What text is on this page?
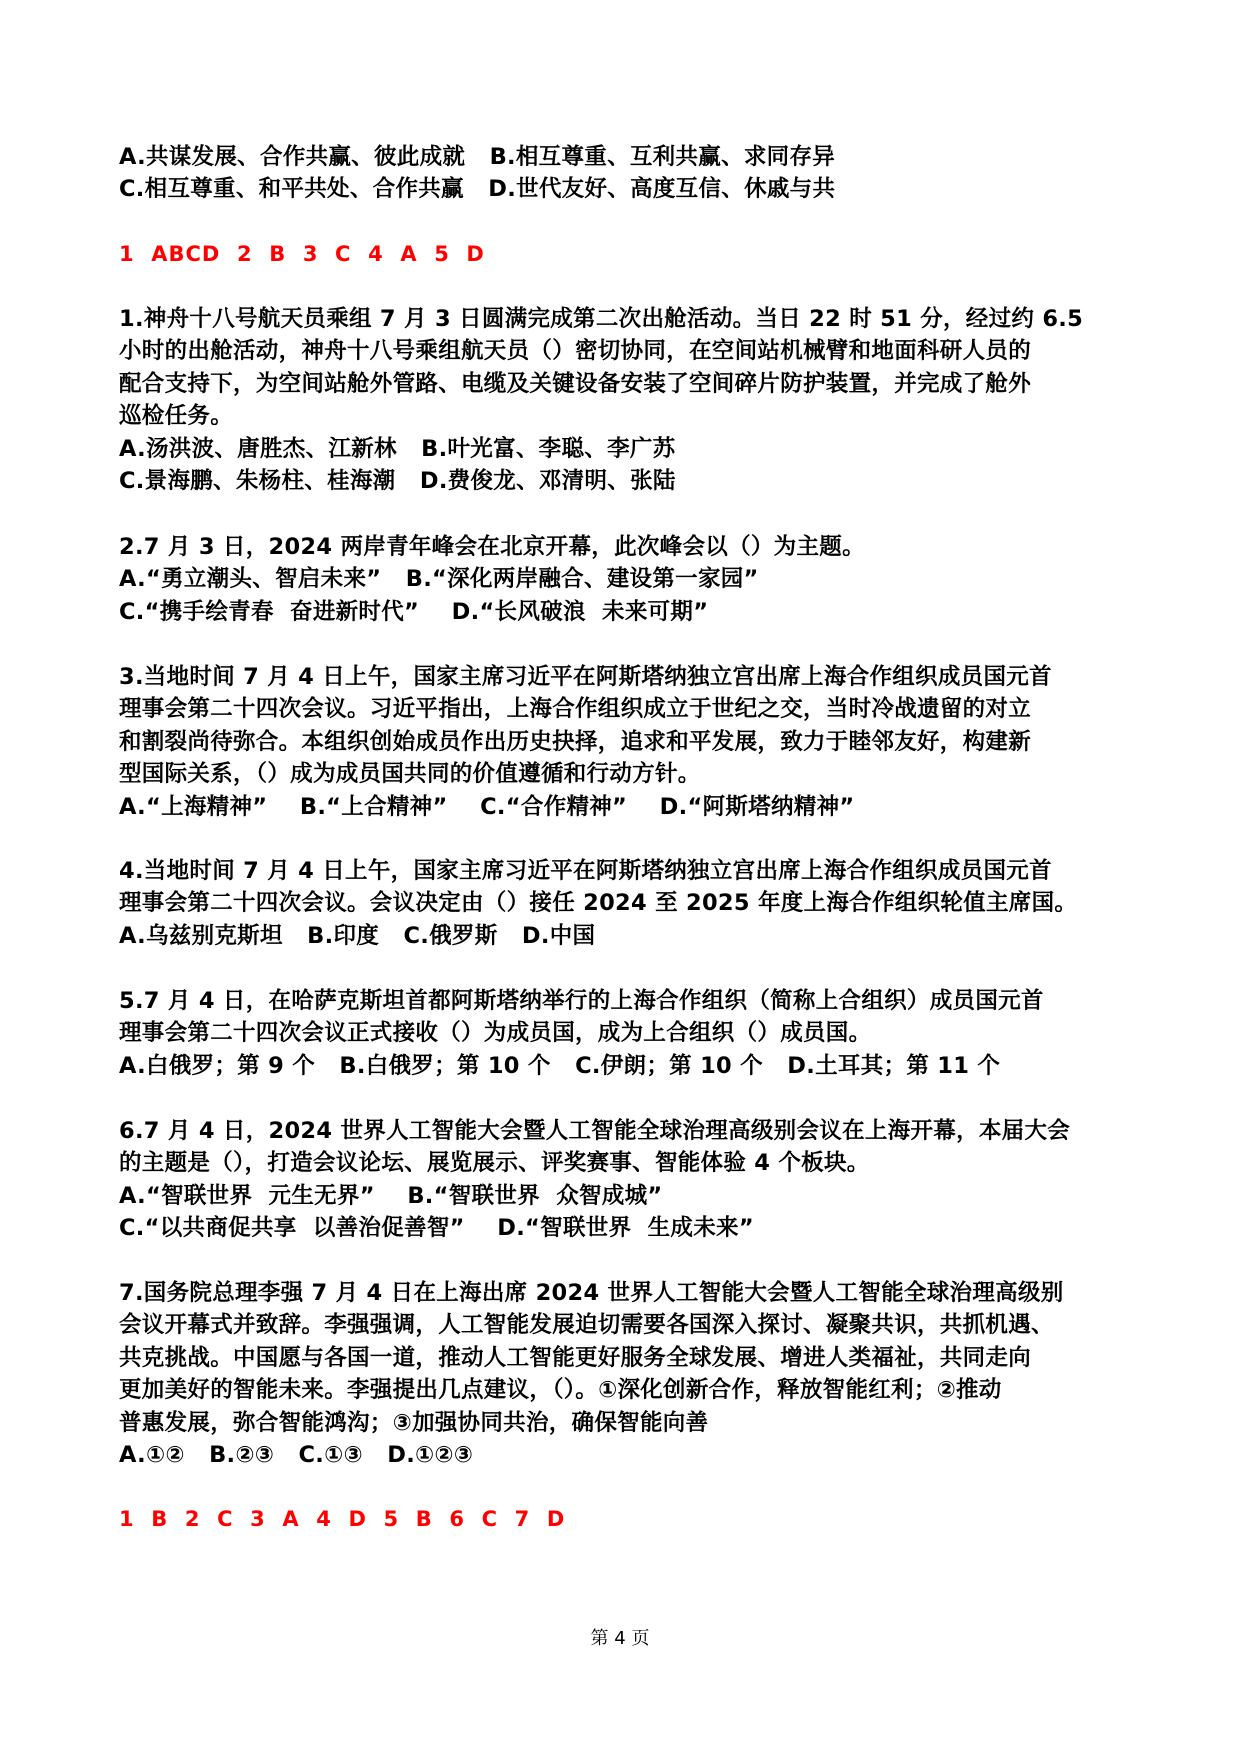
A.共谋发展、合作共赢、彼此成就   B.相互尊重、互利共赢、求同存异
C.相互尊重、和平共处、合作共赢   D.世代友好、高度互信、休戚与共
1  ABCD  2  B  3  C  4  A  5  D
1.神舟十八号航天员乘组 7 月 3 日圆满完成第二次出舱活动。当日 22 时 51 分，经过约 6.5
小时的出舱活动，神舟十八号乘组航天员（）密切协同，在空间站机械臂和地面科研人员的
配合支持下，为空间站舱外管路、电缆及关键设备安装了空间碎片防护装置，并完成了舱外
巡检任务。
A.汤洪波、唐胜杰、江新林   B.叶光富、李聪、李广苏
C.景海鹏、朱杨柱、桂海潮   D.费俊龙、邓清明、张陆
2.7 月 3 日，2024 两岸青年峰会在北京开幕，此次峰会以（）为主题。
A.“勇立潮头、智启未来”   B.“深化两岸融合、建设第一家园”
C.“携手绘青春  奋进新时代”    D.“长风破浪  未来可期”
3.当地时间 7 月 4 日上午，国家主席习近平在阿斯塔纳独立宫出席上海合作组织成员国元首
理事会第二十四次会议。习近平指出，上海合作组织成立于世纪之交，当时冷战遗留的对立
和割裂尚待弥合。本组织创始成员作出历史抉择，追求和平发展，致力于睦邻友好，构建新
型国际关系，（）成为成员国共同的价值遵循和行动方针。
A.“上海精神”    B.“上合精神”    C.“合作精神”    D.“阿斯塔纳精神”
4.当地时间 7 月 4 日上午，国家主席习近平在阿斯塔纳独立宫出席上海合作组织成员国元首
理事会第二十四次会议。会议决定由（）接任 2024 至 2025 年度上海合作组织轮值主席国。
A.乌兹别克斯坦   B.印度   C.俄罗斯   D.中国
5.7 月 4 日，在哈萨克斯坦首都阿斯塔纳举行的上海合作组织（简称上合组织）成员国元首
理事会第二十四次会议正式接收（）为成员国，成为上合组织（）成员国。
A.白俄罗；第 9 个   B.白俄罗；第 10 个   C.伊朗；第 10 个   D.土耳其；第 11 个
6.7 月 4 日，2024 世界人工智能大会暨人工智能全球治理高级别会议在上海开幕，本届大会
的主题是（），打造会议论坛、展览展示、评奖赛事、智能体验 4 个板块。
A.“智联世界  元生无界”    B.“智联世界  众智成城”
C.“以共商促共享  以善治促善智”    D.“智联世界  生成未来”
7.国务院总理李强 7 月 4 日在上海出席 2024 世界人工智能大会暨人工智能全球治理高级别
会议开幕式并致辞。李强强调，人工智能发展迫切需要各国深入探讨、凝聚共识，共抓机遇、
共克挑战。中国愿与各国一道，推动人工智能更好服务全球发展、增进人类福祉，共同走向
更加美好的智能未来。李强提出几点建议，（）。①深化创新合作，释放智能红利；②推动
普惠发展，弥合智能鸿沟；③加强协同共治，确保智能向善
A.①②   B.②③   C.①③   D.①②③
1  B  2  C  3  A  4  D  5  B  6  C  7  D
第 4 页
